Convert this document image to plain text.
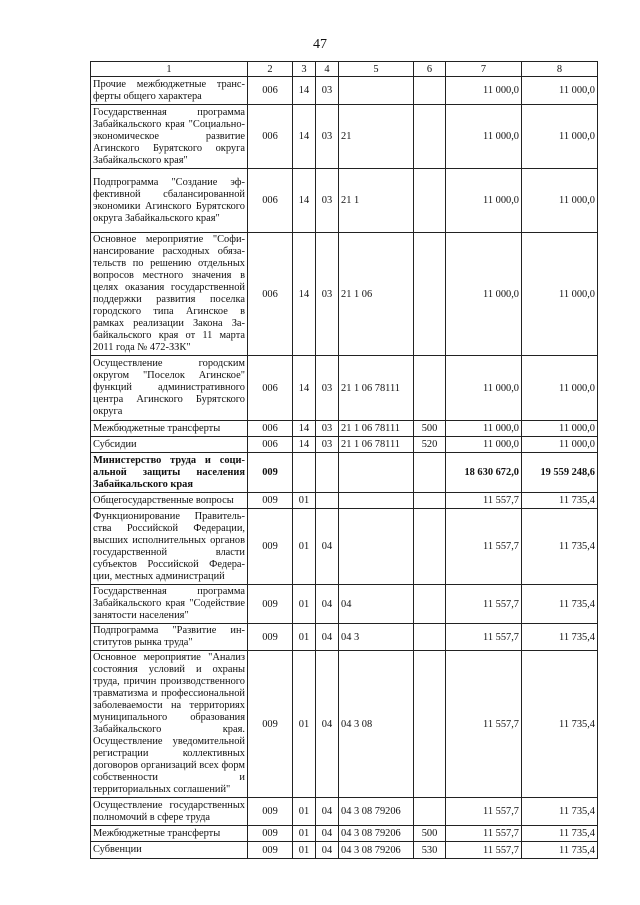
47
1	2	3	4	5	6	7	8
Прочие межбюджетные трансферты общего характера	006	14	03			11 000,0	11 000,0
Государственная программа Забайкальского края "Социально-экономическое развитие Агинского Бурятского округа Забайкальского края"	006	14	03	21		11 000,0	11 000,0
Подпрограмма "Создание эффективной сбалансированной экономики Агинского Бурятского округа Забайкальского края"	006	14	03	21 1		11 000,0	11 000,0
Основное мероприятие "Софинансирование расходных обязательств по решению отдельных вопросов местного значения в целях оказания государственной поддержки развития поселка городского типа Агинское в рамках реализации Закона Забайкальского края от 11 марта 2011 года № 472-ЗЗК"	006	14	03	21 1 06		11 000,0	11 000,0
Осуществление городским округом "Поселок Агинское" функций административного центра Агинского Бурятского округа	006	14	03	21 1 06 78111		11 000,0	11 000,0
Межбюджетные трансферты	006	14	03	21 1 06 78111	500	11 000,0	11 000,0
Субсидии	006	14	03	21 1 06 78111	520	11 000,0	11 000,0
Министерство труда и социальной защиты населения Забайкальского края	009					18 630 672,0	19 559 248,6
Общегосударственные вопросы	009	01				11 557,7	11 735,4
Функционирование Правительства Российской Федерации, высших исполнительных органов государственной власти субъектов Российской Федерации, местных администраций	009	01	04			11 557,7	11 735,4
Государственная программа Забайкальского края "Содействие занятости населения"	009	01	04	04		11 557,7	11 735,4
Подпрограмма "Развитие институтов рынка труда"	009	01	04	04 3		11 557,7	11 735,4
Основное мероприятие "Анализ состояния условий и охраны труда, причин производственного травматизма и профессиональной заболеваемости на территориях муниципального образования Забайкальского края. Осуществление уведомительной регистрации коллективных договоров организаций всех форм собственности и территориальных соглашений"	009	01	04	04 3 08		11 557,7	11 735,4
Осуществление государственных полномочий в сфере труда	009	01	04	04 3 08 79206		11 557,7	11 735,4
Межбюджетные трансферты	009	01	04	04 3 08 79206	500	11 557,7	11 735,4
Субвенции	009	01	04	04 3 08 79206	530	11 557,7	11 735,4
